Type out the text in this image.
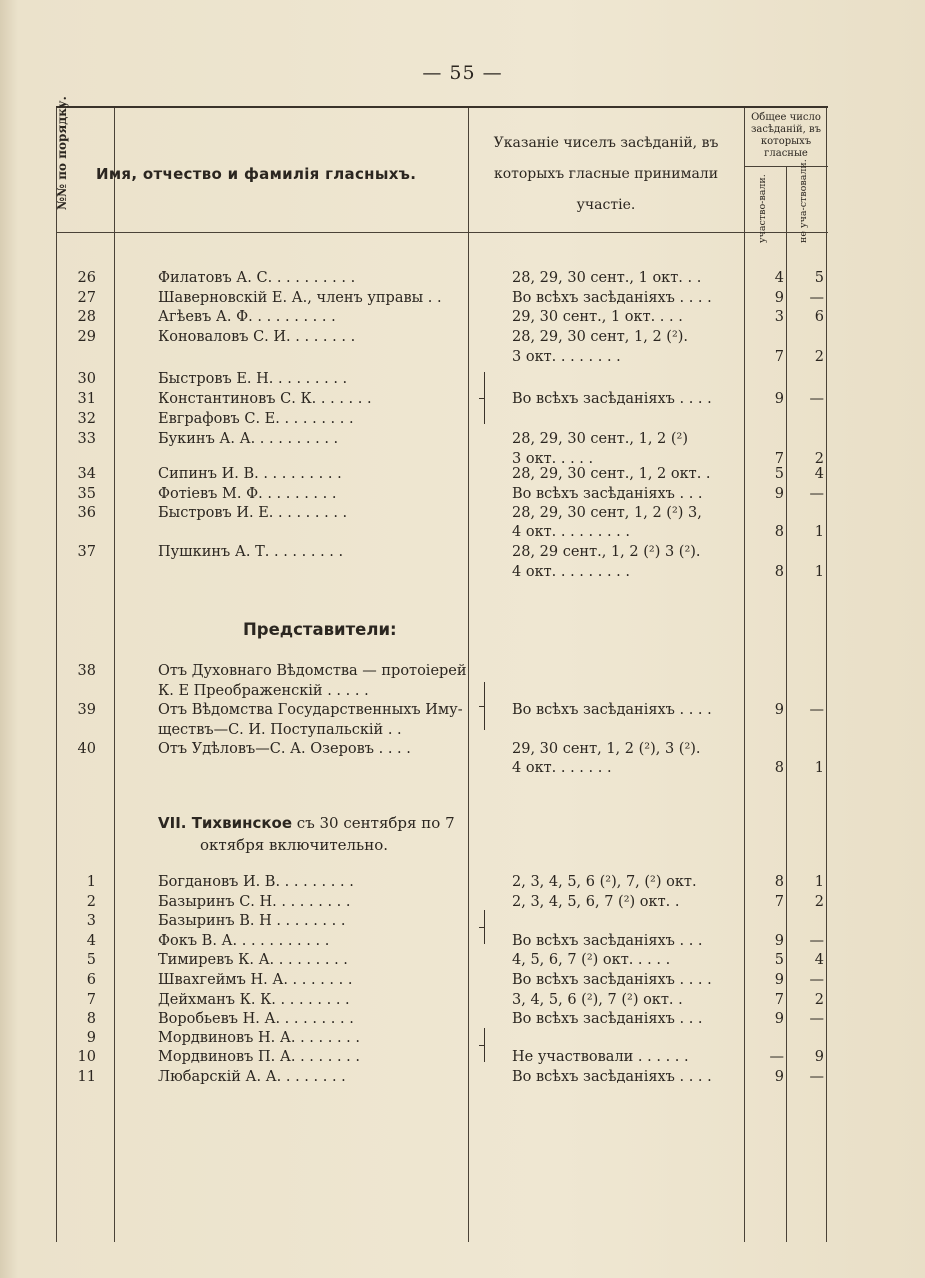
— 55 —
№№ по порядку. Имя, отчество и фамилія гласныхъ.
Указаніе чиселъ засѣданій, въ
которыхъ гласные принимали
участіе.
Общее число
засѣданій, въ
которыхъ
гласные
участво-вали.	не уча-ствовали.
26	Филатовъ А. С. . . . . . . . . .	28, 29, 30 сент., 1 окт. . .	4	5
27	Шаверновскій Е. А., членъ управы . .	Во всѣхъ засѣданіяхъ . . . .	9	—
28	Агѣевъ А. Ф. . . . . . . . . .	29, 30 сент., 1 окт. . . .	3	6
29	Коноваловъ С. И. . . . . . . .	28, 29, 30 сент, 1, 2 (²).
3 окт. . . . . . . .	7	2
30	Быстровъ Е. Н. . . . . . . . .
31	Константиновъ С. К. . . . . . .	Во всѣхъ засѣданіяхъ . . . .	9	—
32	Евграфовъ С. Е. . . . . . . . .
33	Букинъ А. А. . . . . . . . . .	28, 29, 30 сент., 1, 2 (²)
3 окт. . . . .	7	2
34	Сипинъ И. В. . . . . . . . . .	28, 29, 30 сент., 1, 2 окт. .	5	4
35	Фотіевъ М. Ф. . . . . . . . .	Во всѣхъ засѣданіяхъ . . .	9	—
36	Быстровъ И. Е. . . . . . . . .	28, 29, 30 сент, 1, 2 (²) 3,
4 окт. . . . . . . . .	8	1
37	Пушкинъ А. Т. . . . . . . . .	28, 29 сент., 1, 2 (²) 3 (²).
4 окт. . . . . . . . .	8	1
Представители:
38	Отъ Духовнаго Вѣдомства — протоіерей
К. Е Преображенскій . . . . .
39	Отъ Вѣдомства Государственныхъ Иму-	Во всѣхъ засѣданіяхъ . . . .	9	—
ществъ—С. И. Поступальскій . .
40	Отъ Удѣловъ—С. А. Озеровъ . . . .	29, 30 сент, 1, 2 (²), 3 (²).
4 окт. . . . . . .	8	1
VII. Тихвинское съ 30 сентября по 7
октября включительно.
1	Богдановъ И. В. . . . . . . . .	2, 3, 4, 5, 6 (²), 7, (²) окт.	8	1
2	Базыринъ С. Н. . . . . . . . .	2, 3, 4, 5, 6, 7 (²) окт. .	7	2
3	Базыринъ В. Н . . . . . . . .
4	Фокъ В. А. . . . . . . . . . .	Во всѣхъ засѣданіяхъ . . .	9	—
5	Тимиревъ К. А. . . . . . . . .	4, 5, 6, 7 (²) окт. . . . .	5	4
6	Швахгеймъ Н. А. . . . . . . .	Во всѣхъ засѣданіяхъ . . . .	9	—
7	Дейхманъ К. К. . . . . . . . .	3, 4, 5, 6 (²), 7 (²) окт. .	7	2
8	Воробьевъ Н. А. . . . . . . . .	Во всѣхъ засѣданіяхъ . . .	9	—
9	Мордвиновъ Н. А. . . . . . . .
10	Мордвиновъ П. А. . . . . . . .	Не участвовали . . . . . .	—	9
11	Любарскій А. А. . . . . . . .	Во всѣхъ засѣданіяхъ . . . .	9	—
